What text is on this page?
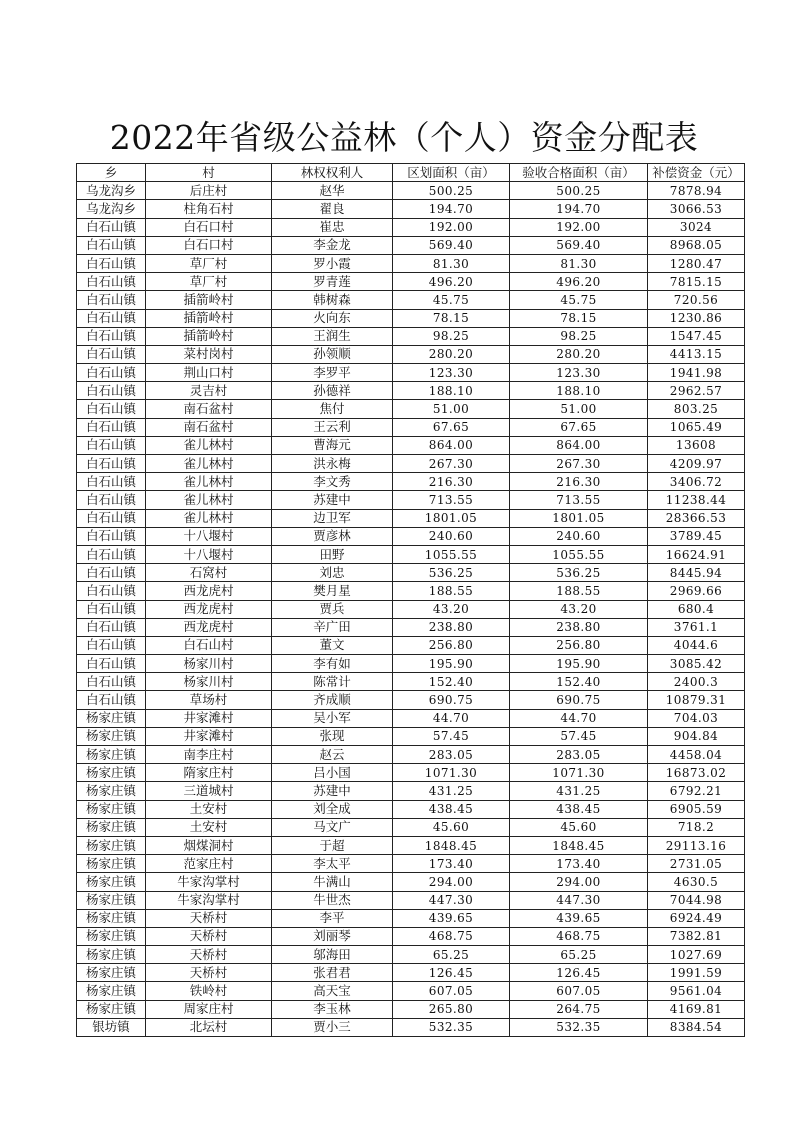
2022年省级公益林（个人）资金分配表
乡	村	林权权利人	区划面积（亩）	验收合格面积（亩）	补偿资金（元）
乌龙沟乡	后庄村	赵华	500.25	500.25	7878.94
乌龙沟乡	柱角石村	翟良	194.70	194.70	3066.53
白石山镇	白石口村	崔忠	192.00	192.00	3024
白石山镇	白石口村	李金龙	569.40	569.40	8968.05
白石山镇	草厂村	罗小霞	81.30	81.30	1280.47
白石山镇	草厂村	罗青莲	496.20	496.20	7815.15
白石山镇	插箭岭村	韩树森	45.75	45.75	720.56
白石山镇	插箭岭村	火向东	78.15	78.15	1230.86
白石山镇	插箭岭村	王润生	98.25	98.25	1547.45
白石山镇	菜村岗村	孙领顺	280.20	280.20	4413.15
白石山镇	荆山口村	李罗平	123.30	123.30	1941.98
白石山镇	灵吉村	孙德祥	188.10	188.10	2962.57
白石山镇	南石盆村	焦付	51.00	51.00	803.25
白石山镇	南石盆村	王云利	67.65	67.65	1065.49
白石山镇	雀儿林村	曹海元	864.00	864.00	13608
白石山镇	雀儿林村	洪永梅	267.30	267.30	4209.97
白石山镇	雀儿林村	李文秀	216.30	216.30	3406.72
白石山镇	雀儿林村	苏建中	713.55	713.55	11238.44
白石山镇	雀儿林村	边卫军	1801.05	1801.05	28366.53
白石山镇	十八堰村	贾彦林	240.60	240.60	3789.45
白石山镇	十八堰村	田野	1055.55	1055.55	16624.91
白石山镇	石窝村	刘忠	536.25	536.25	8445.94
白石山镇	西龙虎村	樊月星	188.55	188.55	2969.66
白石山镇	西龙虎村	贾兵	43.20	43.20	680.4
白石山镇	西龙虎村	辛广田	238.80	238.80	3761.1
白石山镇	白石山村	董文	256.80	256.80	4044.6
白石山镇	杨家川村	李有如	195.90	195.90	3085.42
白石山镇	杨家川村	陈常计	152.40	152.40	2400.3
白石山镇	草场村	齐成顺	690.75	690.75	10879.31
杨家庄镇	井家滩村	吴小军	44.70	44.70	704.03
杨家庄镇	井家滩村	张现	57.45	57.45	904.84
杨家庄镇	南李庄村	赵云	283.05	283.05	4458.04
杨家庄镇	隋家庄村	吕小国	1071.30	1071.30	16873.02
杨家庄镇	三道城村	苏建中	431.25	431.25	6792.21
杨家庄镇	土安村	刘全成	438.45	438.45	6905.59
杨家庄镇	土安村	马文广	45.60	45.60	718.2
杨家庄镇	烟煤洞村	于超	1848.45	1848.45	29113.16
杨家庄镇	范家庄村	李太平	173.40	173.40	2731.05
杨家庄镇	牛家沟掌村	牛满山	294.00	294.00	4630.5
杨家庄镇	牛家沟掌村	牛世杰	447.30	447.30	7044.98
杨家庄镇	天桥村	李平	439.65	439.65	6924.49
杨家庄镇	天桥村	刘丽琴	468.75	468.75	7382.81
杨家庄镇	天桥村	邬海田	65.25	65.25	1027.69
杨家庄镇	天桥村	张君君	126.45	126.45	1991.59
杨家庄镇	铁岭村	高天宝	607.05	607.05	9561.04
杨家庄镇	周家庄村	李玉林	265.80	264.75	4169.81
银坊镇	北坛村	贾小三	532.35	532.35	8384.54
